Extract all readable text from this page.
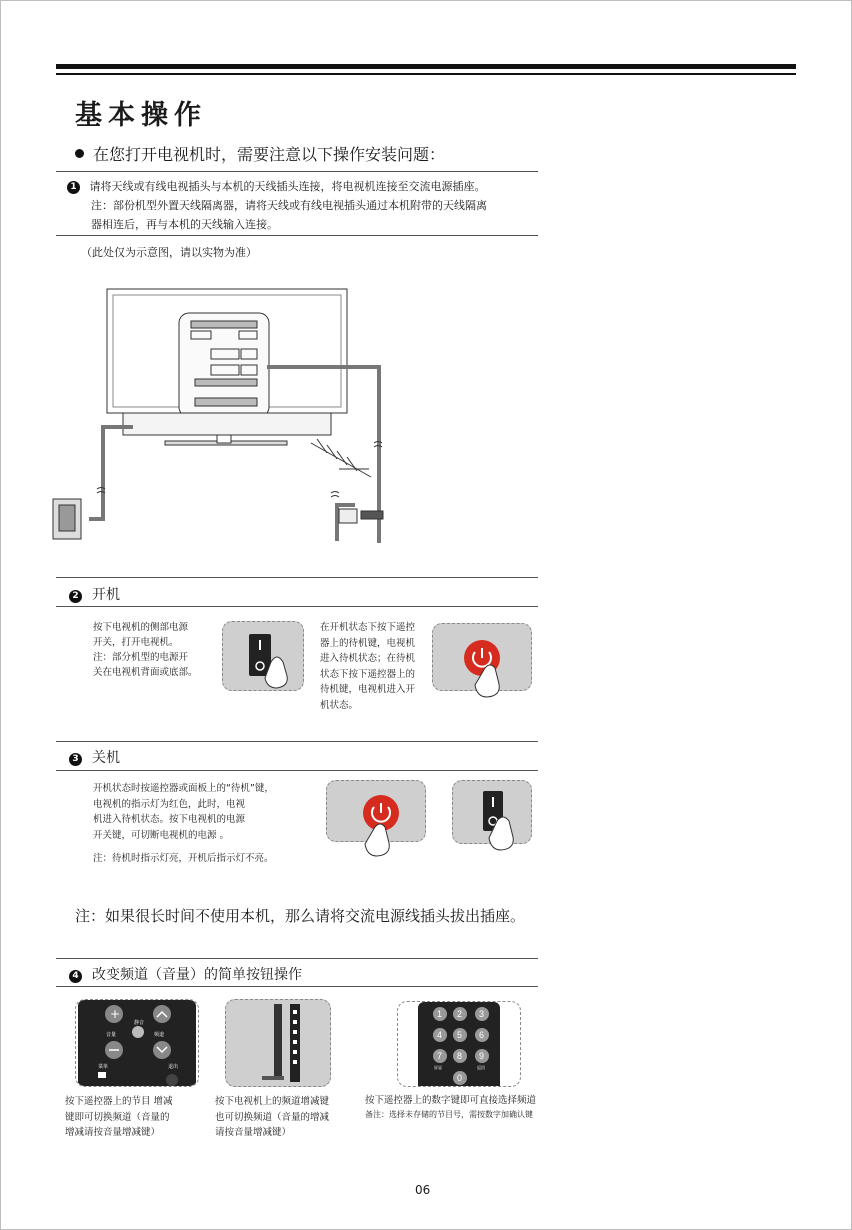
基本操作
在您打开电视机时，需要注意以下操作安装问题：
1 请将天线或有线电视插头与本机的天线插头连接，将电视机连接至交流电源插座。
注：部份机型外置天线隔离器，请将天线或有线电视插头通过本机附带的天线隔离
器相连后，再与本机的天线输入连接。
（此处仅为示意图，请以实物为准）
2 开机
按下电视机的侧部电源
开关，打开电视机。
注：部分机型的电源开
关在电视机背面或底部。
在开机状态下按下遥控
器上的待机键，电视机
进入待机状态；在待机
状态下按下遥控器上的
待机键，电视机进入开
机状态。
3 关机
开机状态时按遥控器或面板上的“待机”键，
电视机的指示灯为红色，此时，电视
机进入待机状态。按下电视机的电源
开关键，可切断电视机的电源 。
注：待机时指示灯亮，开机后指示灯不亮。
注：如果很长时间不使用本机，那么请将交流电源线插头拔出插座。
4 改变频道（音量）的简单按钮操作
+
音量	频道
静音
菜单	退出
1 2 3
4 5 6
7 8 9
0
屏显	返回
按下遥控器上的节目 增减
键即可切换频道（音量的
增减请按音量增减键）
按下电视机上的频道增减键
也可切换频道（音量的增减
请按音量增减键）
按下遥控器上的数字键即可直接选择频道
备注：选择未存储的节目号，需按数字加确认键
06
